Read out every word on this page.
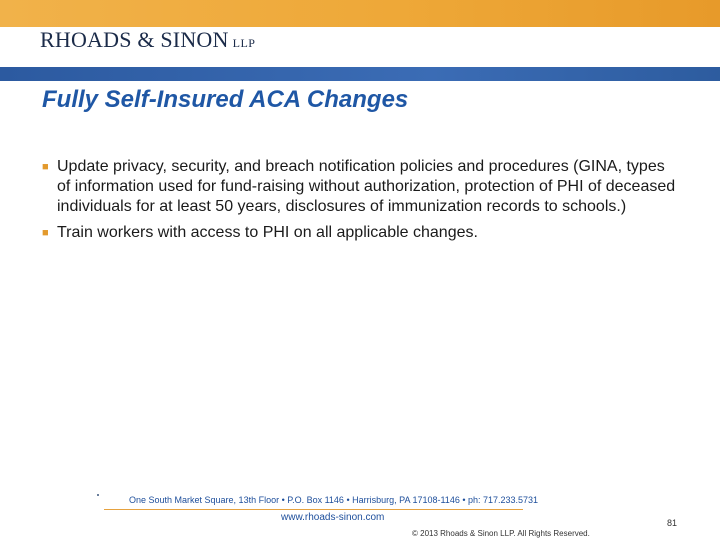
RHOADS & SINON LLP
Fully Self-Insured ACA Changes
■ Update privacy, security, and breach notification policies and procedures (GINA, types of information used for fund-raising without authorization, protection of PHI of deceased individuals for at least 50 years, disclosures of immunization records to schools.)
■ Train workers with access to PHI on all applicable changes.
One South Market Square, 13th Floor • P.O. Box 1146 • Harrisburg, PA 17108-1146 • ph: 717.233.5731
www.rhoads-sinon.com	81
© 2013 Rhoads & Sinon LLP. All Rights Reserved.
